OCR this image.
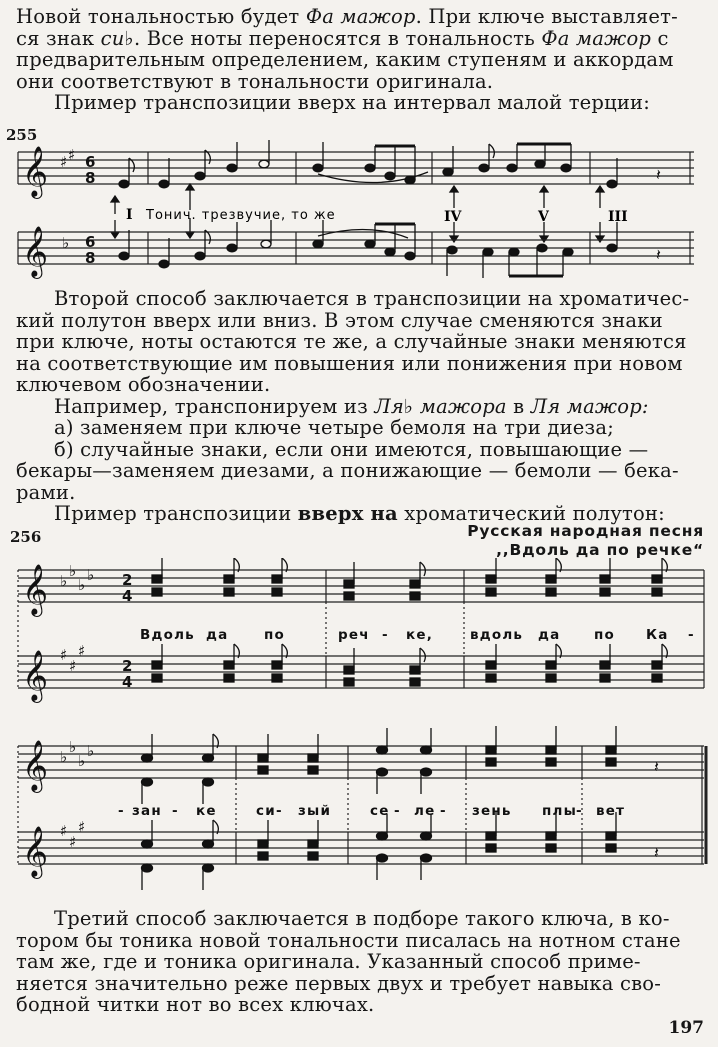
Новой тональностью будет Фа мажор. При ключе выставляет-
ся знак си♭. Все ноты переносятся в тональность Фа мажор с
предварительным определением, каким ступеням и аккордам
они соответствуют в тональности оригинала.
Пример транспозиции вверх на интервал малой терции:
255
𝄞 ♯ ♯ 6
8	𝄽
I Тонич. трезвучие, то же	IV	V	III
𝄞 ♭ 6
8	𝄽
Второй способ заключается в транспозиции на хроматичес-
кий полутон вверх или вниз. В этом случае сменяются знаки
при ключе, ноты остаются те же, а случайные знаки меняются
на соответствующие им повышения или понижения при новом
ключевом обозначении.
Например, транспонируем из Ля♭ мажора в Ля мажор:
а) заменяем при ключе четыре бемоля на три диеза;
б) случайные знаки, если они имеются, повышающие —
бекары—заменяем диезами, а понижающие — бемоли — бека-
рами.
Пример транспозиции вверх на хроматический полутон:
256	Русская народная песня
,,Вдоль да по речке“
𝄞
𝄞
𝄞
𝄞
♭
♭
♭
♭
♭
♭
♭
♭
♯
♯
♯
♯
♯
♯
2
4
2
4
𝄽
𝄽
Вдоль да	по	реч - ке,	вдоль да по Ка -
- зан - ке	си - зый	се - ле - зень плы
- вет
Третий способ заключается в подборе такого ключа, в ко-
тором бы тоника новой тональности писалась на нотном стане
там же, где и тоника оригинала. Указанный способ приме-
няется значительно реже первых двух и требует навыка сво-
бодной читки нот во всех ключах.
197
